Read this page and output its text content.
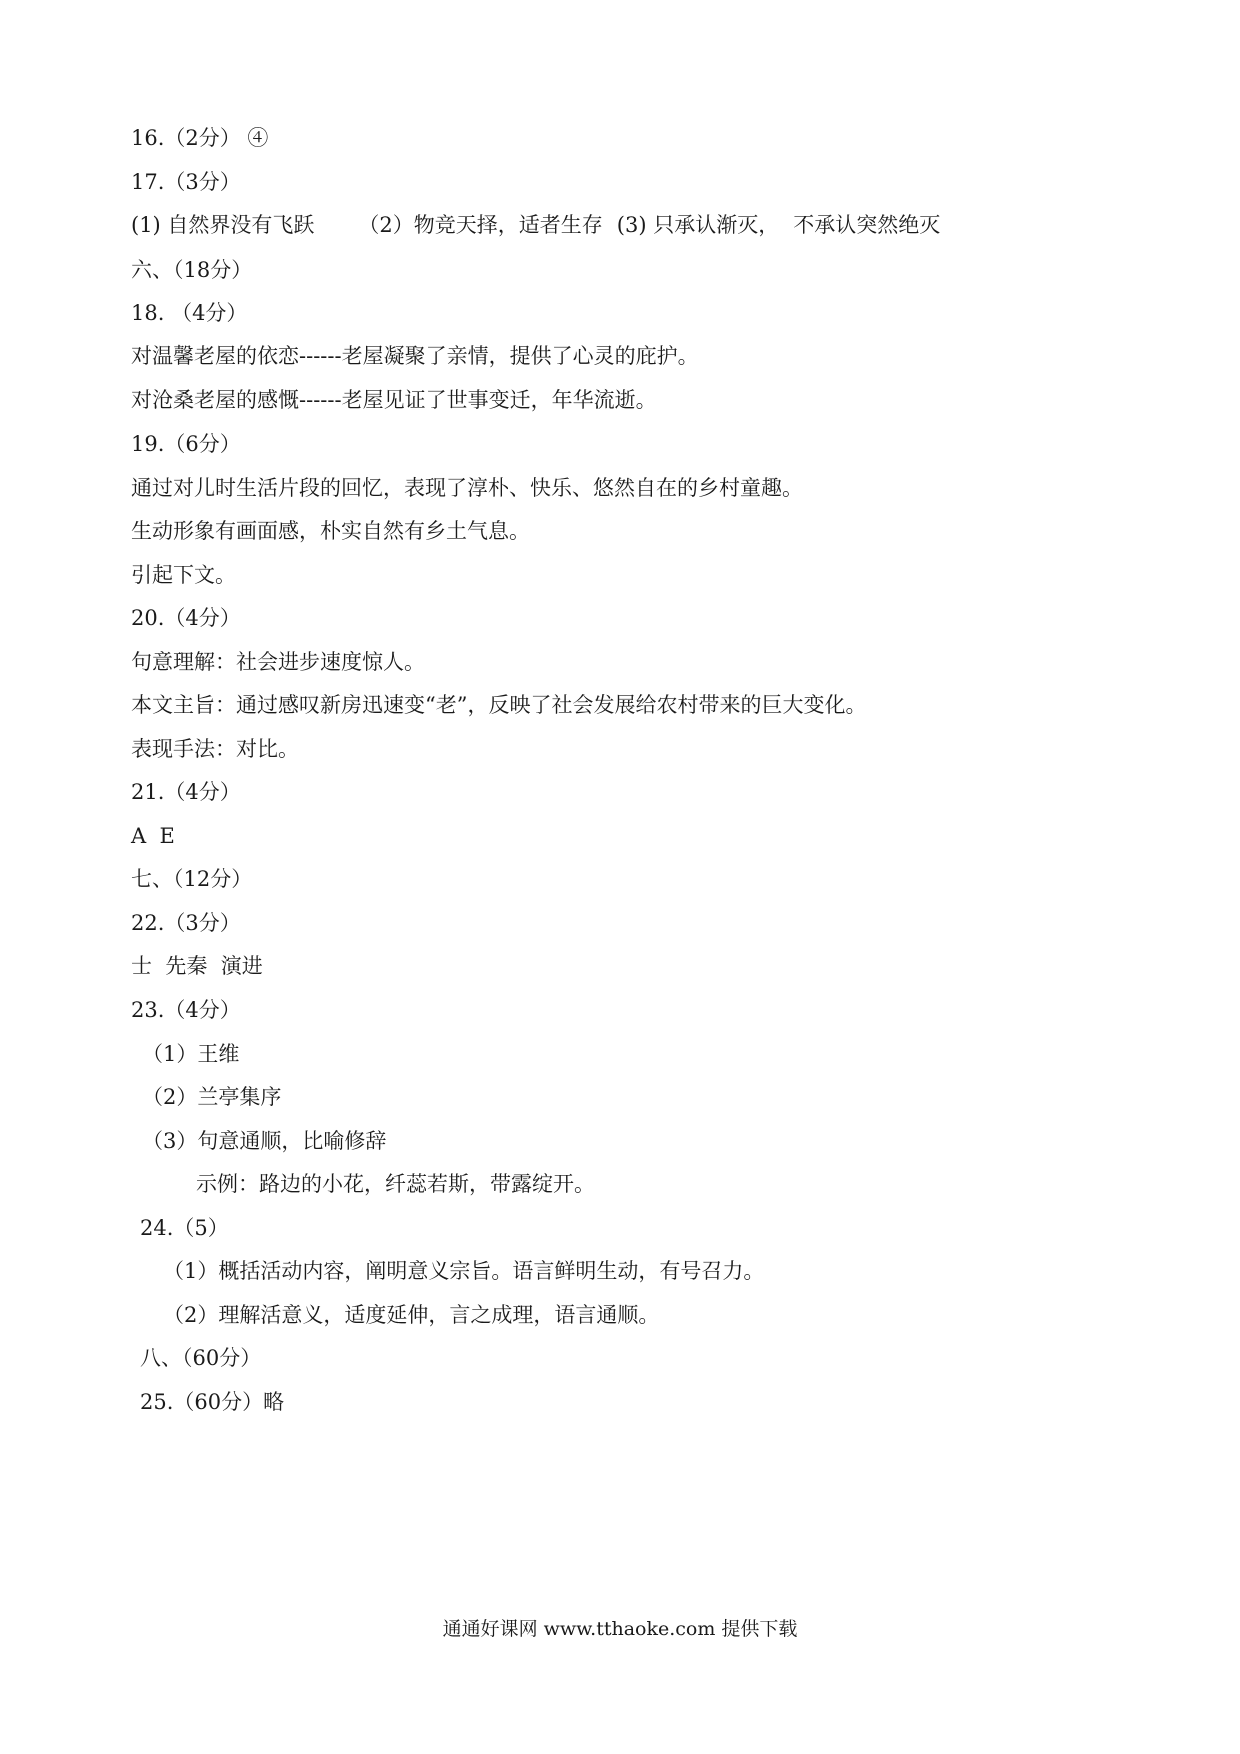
16.（2分） ④
17.（3分）
(1) 自然界没有飞跃 （2）物竞天择，适者生存 (3) 只承认渐灭， 不承认突然绝灭
六、（18分）
18. （4分）
对温馨老屋的依恋------老屋凝聚了亲情，提供了心灵的庇护。
对沧桑老屋的感慨------老屋见证了世事变迁，年华流逝。
19.（6分）
通过对儿时生活片段的回忆，表现了淳朴、快乐、悠然自在的乡村童趣。
生动形象有画面感，朴实自然有乡土气息。
引起下文。
20.（4分）
句意理解：社会进步速度惊人。
本文主旨：通过感叹新房迅速变“老”，反映了社会发展给农村带来的巨大变化。
表现手法：对比。
21.（4分）
A  E
七、（12分）
22.（3分）
士  先秦  演进
23.（4分）
（1）王维
（2）兰亭集序
（3）句意通顺，比喻修辞
示例：路边的小花，纤蕊若斯，带露绽开。
24.（5）
（1）概括活动内容，阐明意义宗旨。语言鲜明生动，有号召力。
（2）理解活意义，适度延伸，言之成理，语言通顺。
八、（60分）
25.（60分）略
通通好课网 www.tthaoke.com 提供下载
